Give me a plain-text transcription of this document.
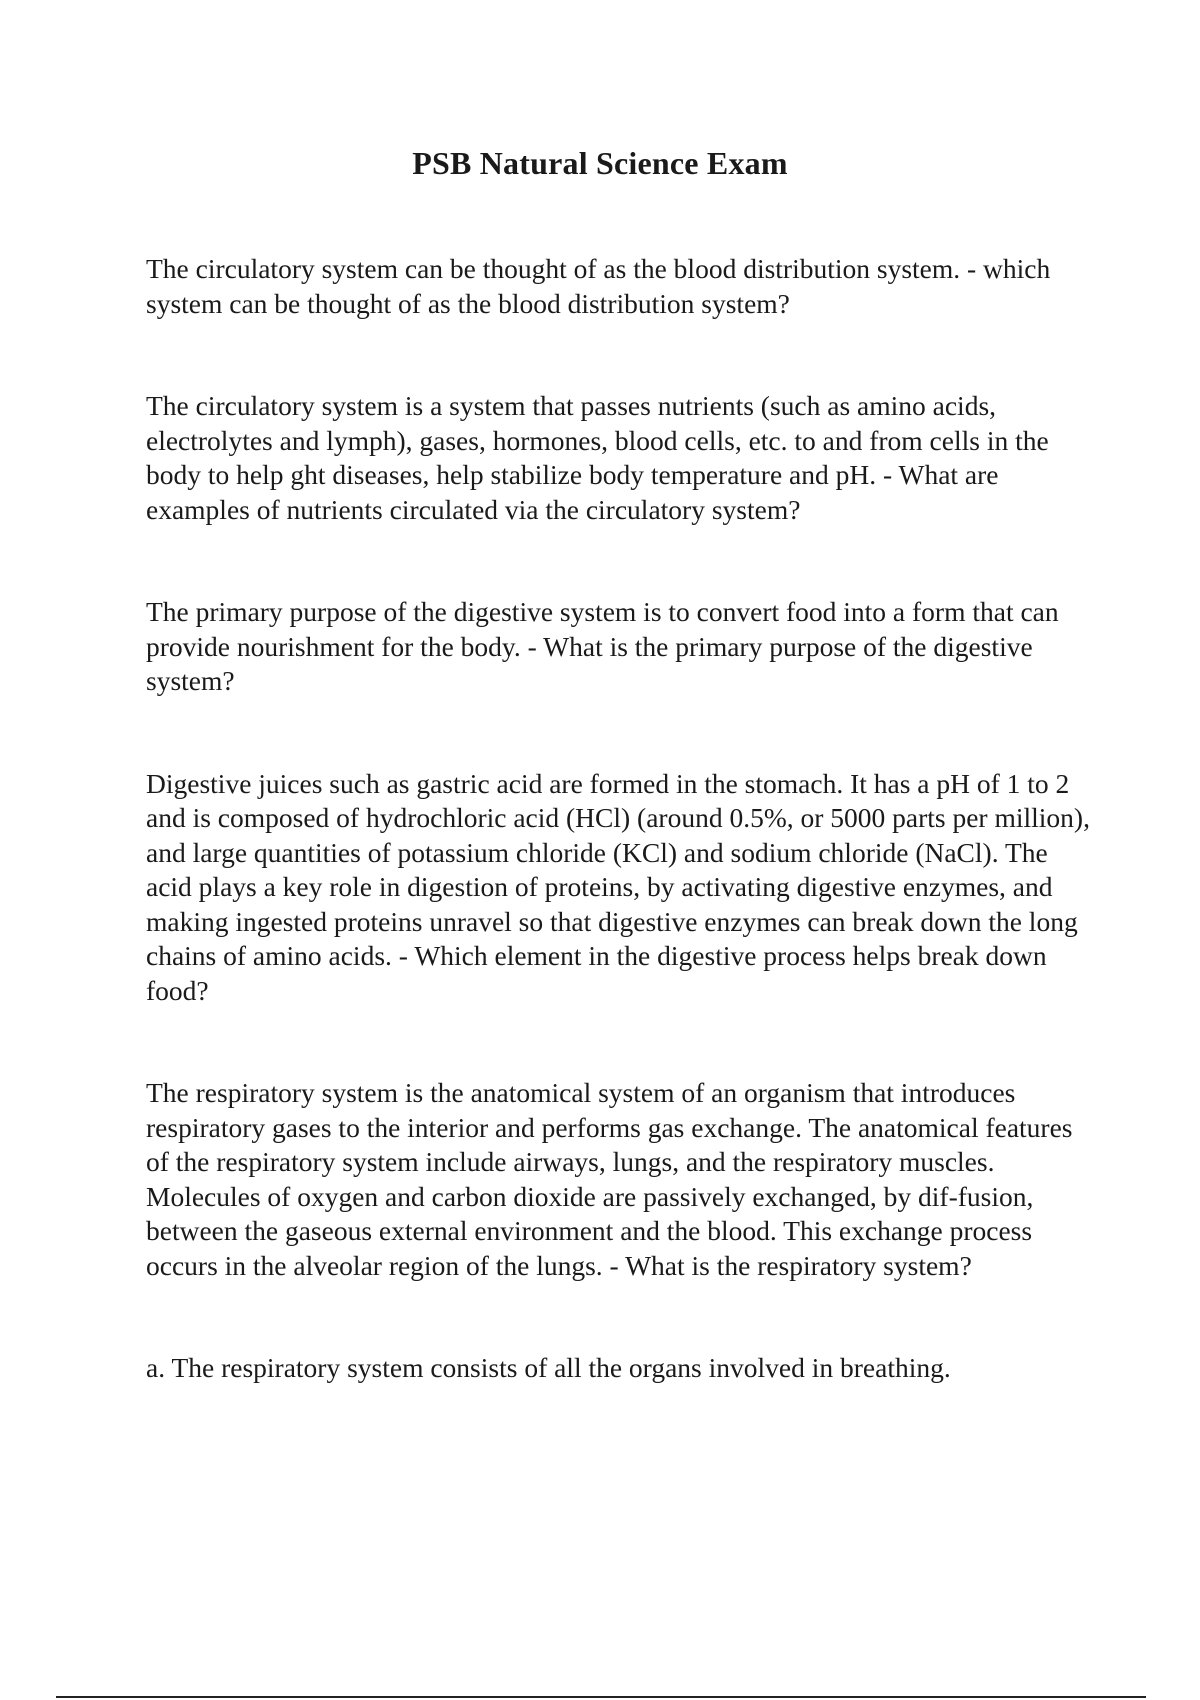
PSB Natural Science Exam

The circulatory system can be thought of as the blood distribution system. - which system can be thought of as the blood distribution system?

The circulatory system is a system that passes nutrients (such as amino acids, electrolytes and lymph), gases, hormones, blood cells, etc. to and from cells in the body to help ght diseases, help stabilize body temperature and pH. - What are examples of nutrients circulated via the circulatory system?

The primary purpose of the digestive system is to convert food into a form that can provide nourishment for the body. - What is the primary purpose of the digestive system?

Digestive juices such as gastric acid are formed in the stomach. It has a pH of 1 to 2 and is composed of hydrochloric acid (HCl) (around 0.5%, or 5000 parts per million), and large quantities of potassium chloride (KCl) and sodium chloride (NaCl). The acid plays a key role in digestion of proteins, by activating digestive enzymes, and making ingested proteins unravel so that digestive enzymes can break down the long chains of amino acids. - Which element in the digestive process helps break down food?

The respiratory system is the anatomical system of an organism that introduces respiratory gases to the interior and performs gas exchange. The anatomical features of the respiratory system include airways, lungs, and the respiratory muscles. Molecules of oxygen and carbon dioxide are passively exchanged, by dif-fusion, between the gaseous external environment and the blood. This exchange process occurs in the alveolar region of the lungs. - What is the respiratory system?

a. The respiratory system consists of all the organs involved in breathing.
